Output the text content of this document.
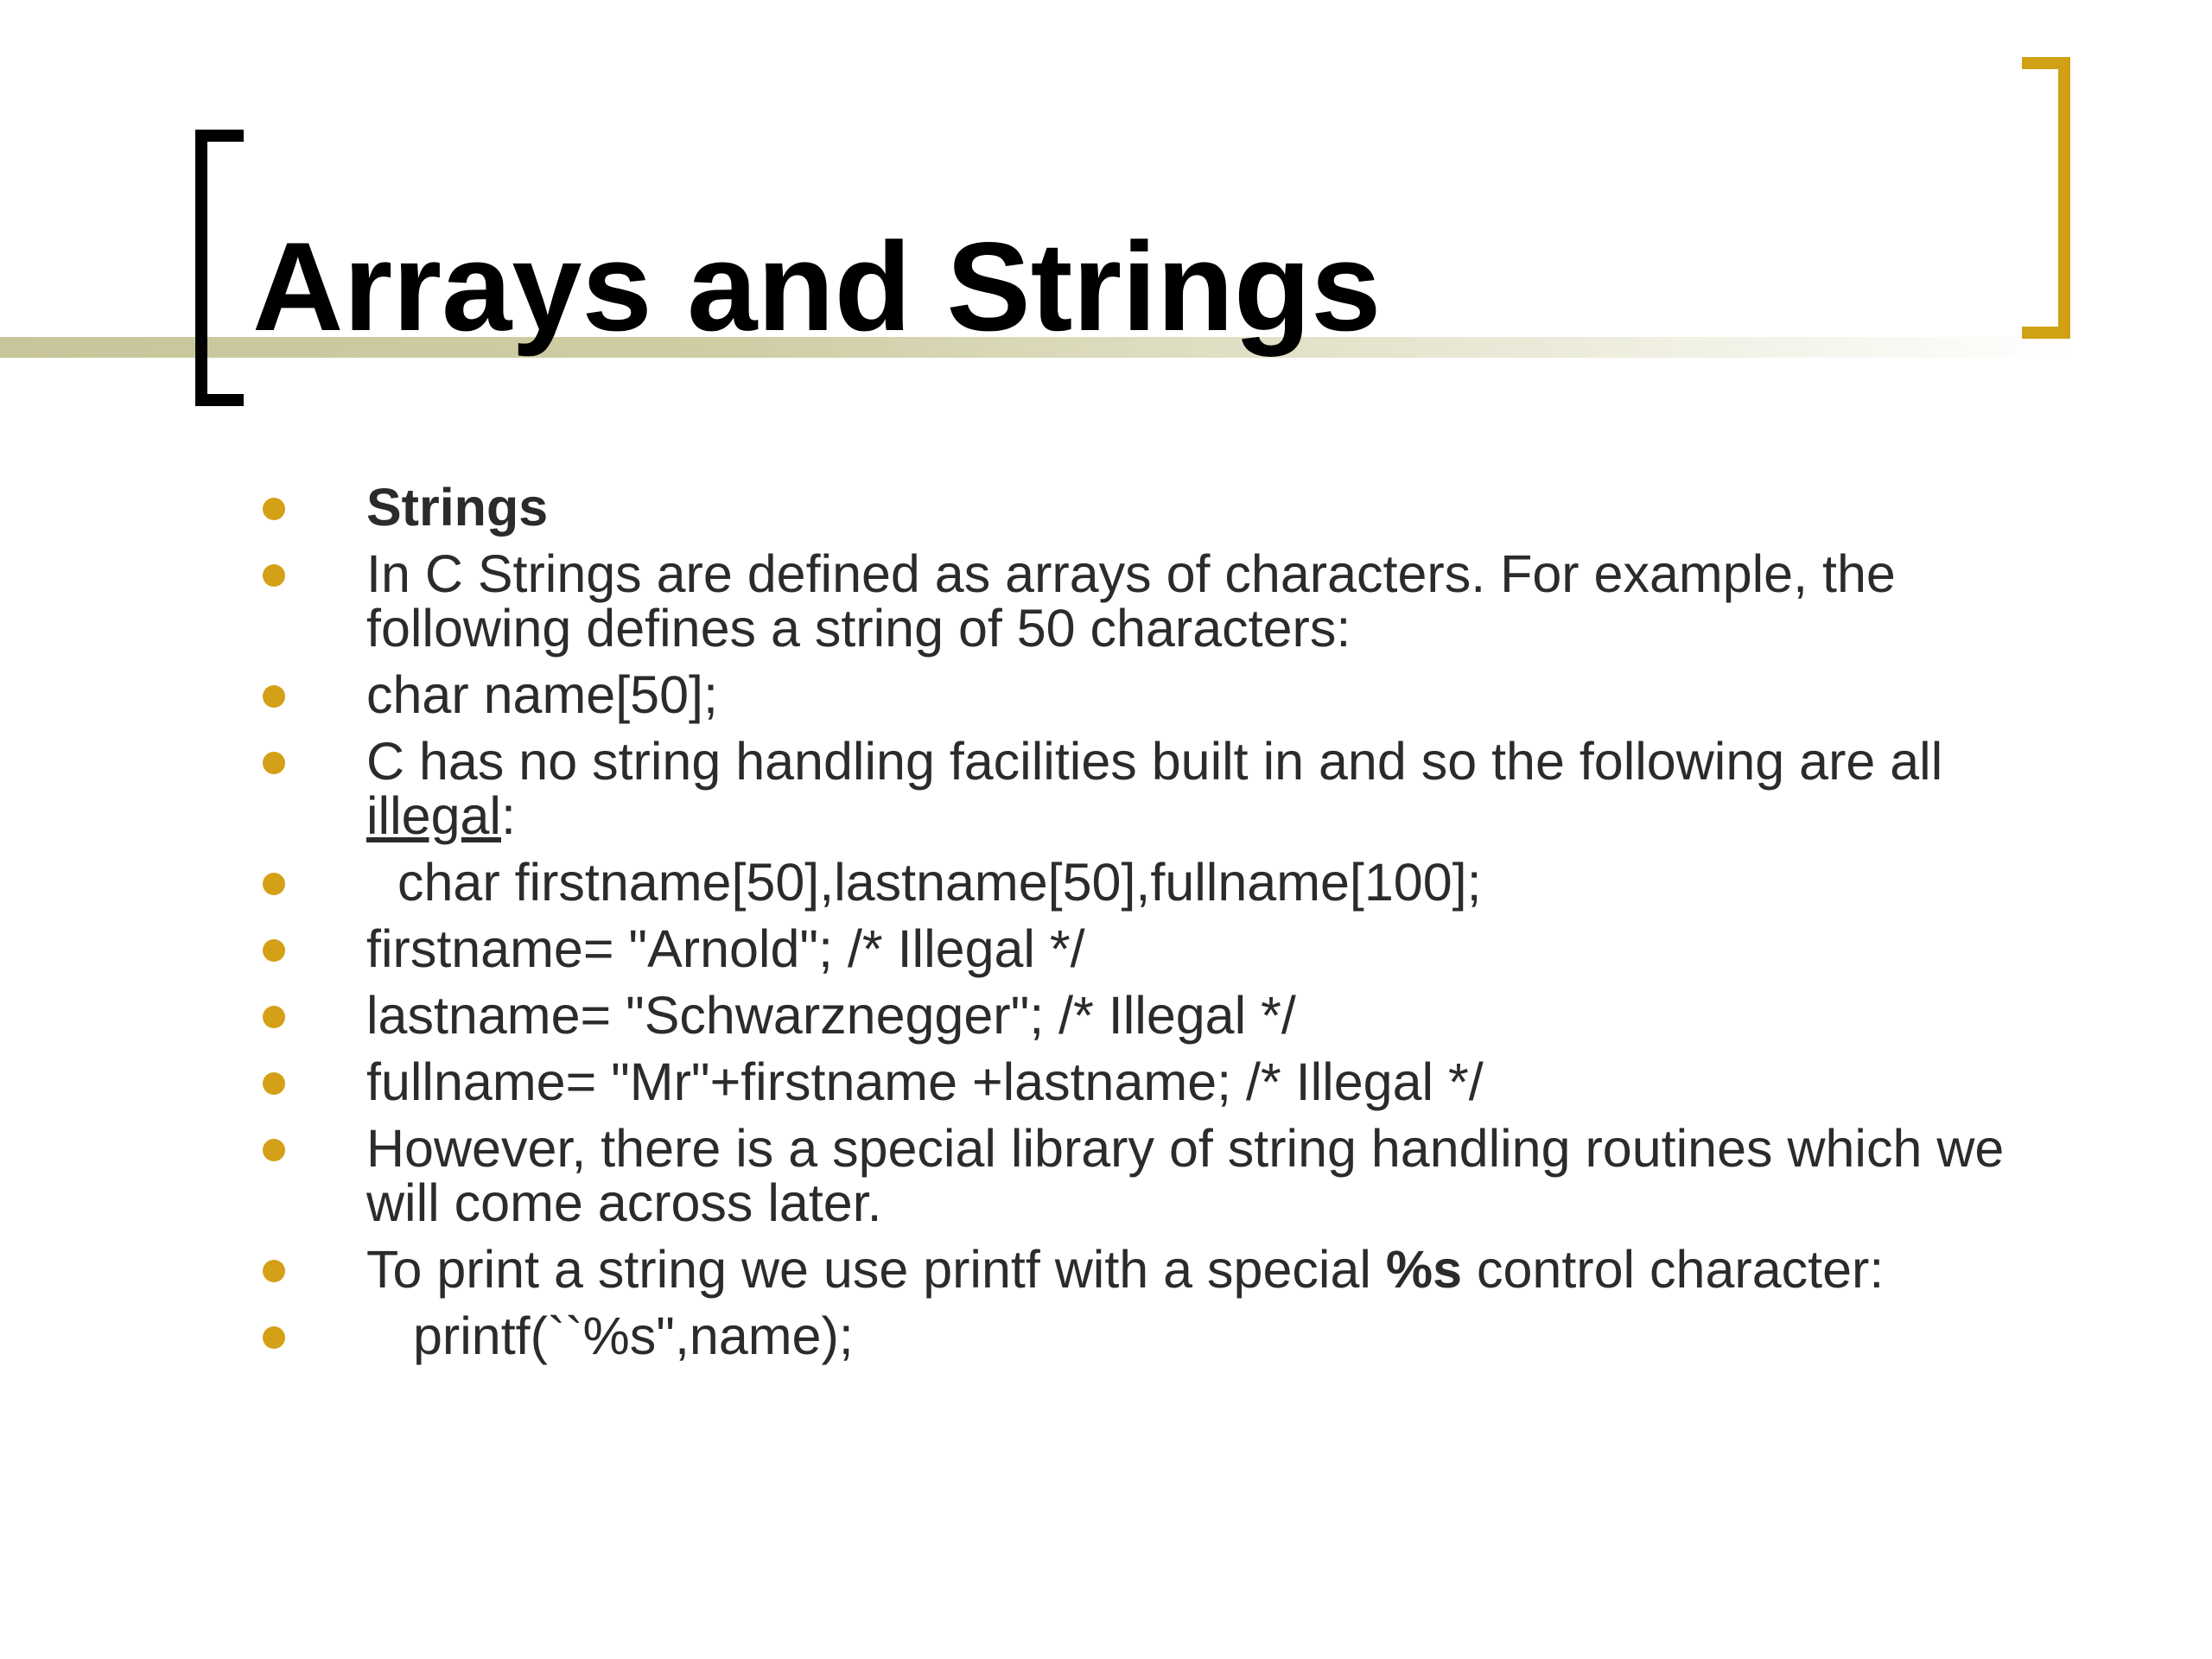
Arrays and Strings
Strings
In C Strings are defined as arrays of characters. For example, the following defines a string of 50 characters:
char name[50];
C has no string handling facilities built in and so the following are all illegal:
char firstname[50],lastname[50],fullname[100];
firstname= "Arnold"; /* Illegal */
lastname= "Schwarznegger"; /* Illegal */
fullname= "Mr"+firstname +lastname; /* Illegal */
However, there is a special library of string handling routines which we will come across later.
To print a string we use printf with a special %s control character:
printf(``%s",name);
